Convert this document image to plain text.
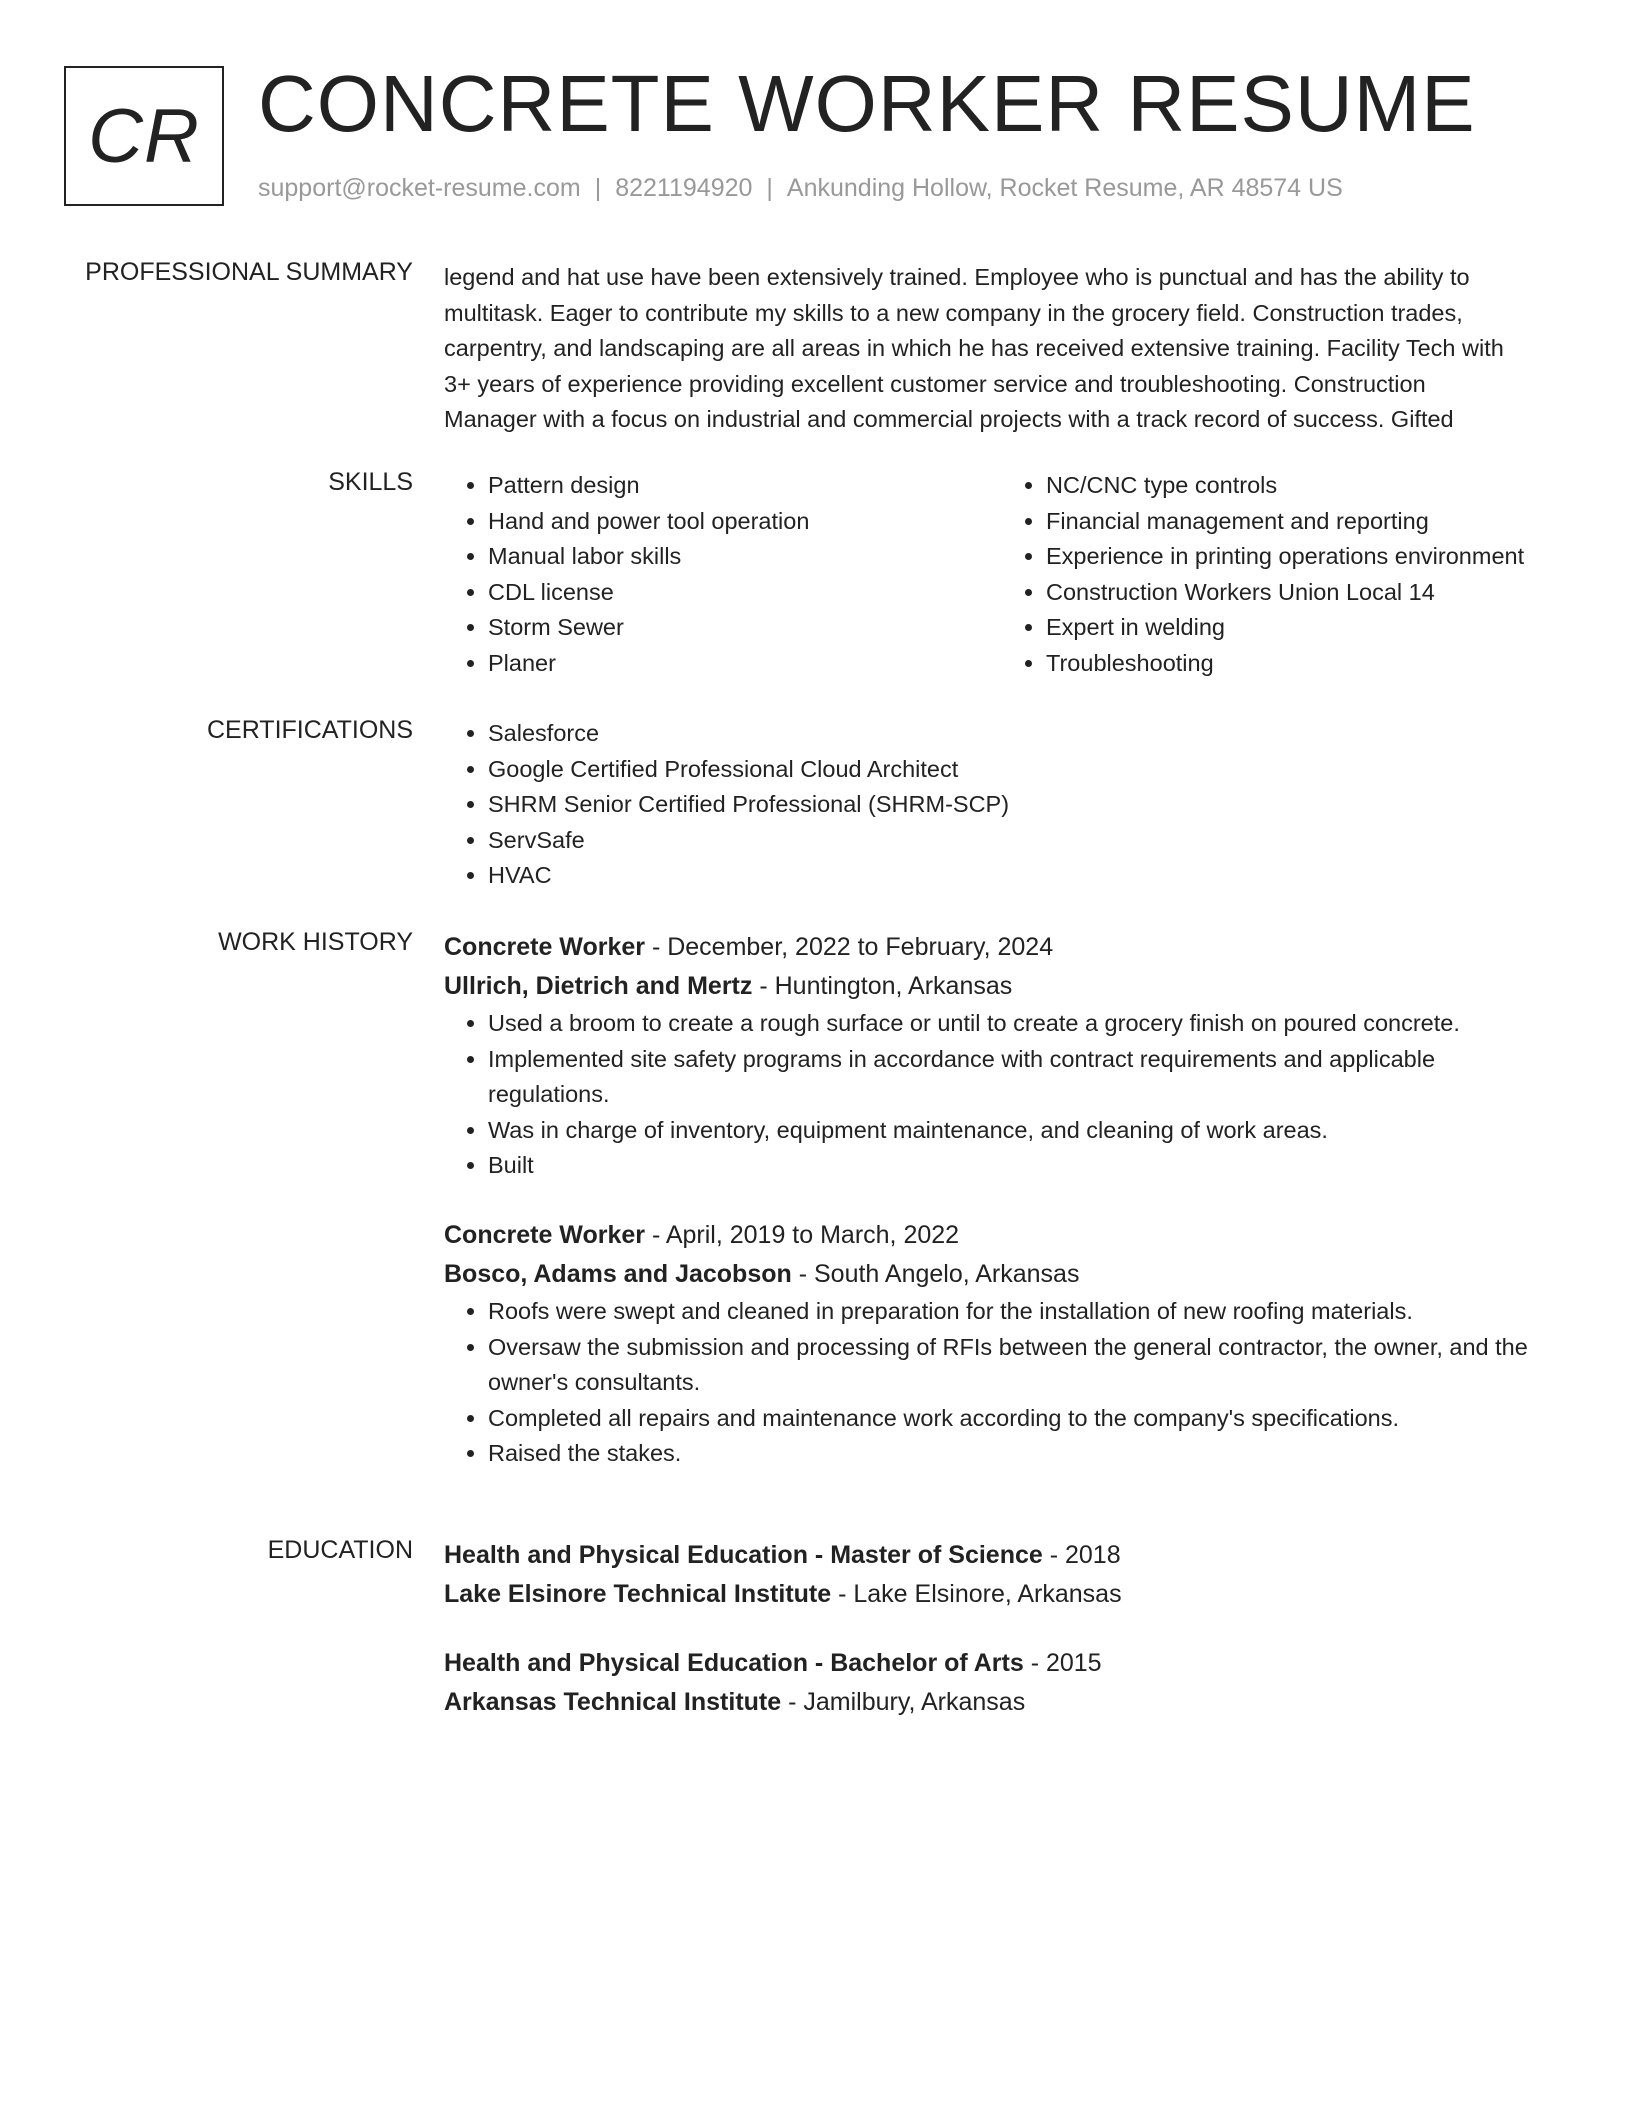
CR CONCRETE WORKER RESUME
support@rocket-resume.com | 8221194920 | Ankunding Hollow, Rocket Resume, AR 48574 US
PROFESSIONAL SUMMARY legend and hat use have been extensively trained. Employee who is punctual and has the ability to
multitask. Eager to contribute my skills to a new company in the grocery field. Construction trades,
carpentry, and landscaping are all areas in which he has received extensive training. Facility Tech with
3+ years of experience providing excellent customer service and troubleshooting. Construction
Manager with a focus on industrial and commercial projects with a track record of success. Gifted

SKILLS	• Pattern design
• Hand and power tool operation
• Manual labor skills
• CDL license
• Storm Sewer
• Planer
• NC/CNC type controls
• Financial management and reporting
• Experience in printing operations environment
• Construction Workers Union Local 14
• Expert in welding
• Troubleshooting
CERTIFICATIONS	• Salesforce
• Google Certified Professional Cloud Architect
• SHRM Senior Certified Professional (SHRM-SCP)
• ServSafe
• HVAC
WORK HISTORY Concrete Worker - December, 2022 to February, 2024
Ullrich, Dietrich and Mertz - Huntington, Arkansas
• Used a broom to create a rough surface or until to create a grocery finish on poured concrete.
• Implemented site safety programs in accordance with contract requirements and applicable regulations.
• Was in charge of inventory, equipment maintenance, and cleaning of work areas.
• Built
Concrete Worker - April, 2019 to March, 2022
Bosco, Adams and Jacobson - South Angelo, Arkansas
• Roofs were swept and cleaned in preparation for the installation of new roofing materials.
• Oversaw the submission and processing of RFIs between the general contractor, the owner, and the owner's consultants.
• Completed all repairs and maintenance work according to the company's specifications.
• Raised the stakes.
EDUCATION Health and Physical Education - Master of Science - 2018
Lake Elsinore Technical Institute - Lake Elsinore, Arkansas
Health and Physical Education - Bachelor of Arts - 2015
Arkansas Technical Institute - Jamilbury, Arkansas
